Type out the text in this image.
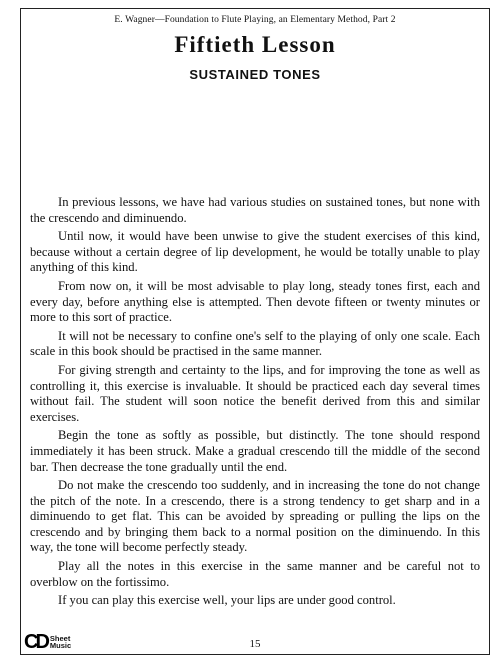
E. Wagner—Foundation to Flute Playing, an Elementary Method, Part 2
Fiftieth Lesson
SUSTAINED TONES

In previous lessons, we have had various studies on sustained tones, but none with the crescendo and diminuendo.

Until now, it would have been unwise to give the student exercises of this kind, because without a certain degree of lip development, he would be totally unable to play anything of this kind.

From now on, it will be most advisable to play long, steady tones first, each and every day, before anything else is attempted. Then devote fifteen or twenty minutes or more to this sort of practice.

It will not be necessary to confine one's self to the playing of only one scale. Each scale in this book should be practised in the same manner.

For giving strength and certainty to the lips, and for improving the tone as well as controlling it, this exercise is invaluable. It should be practiced each day several times without fail. The student will soon notice the benefit derived from this and similar exercises.

Begin the tone as softly as possible, but distinctly. The tone should respond immediately it has been struck. Make a gradual crescendo till the middle of the second bar. Then decrease the tone gradually until the end.

Do not make the crescendo too suddenly, and in increasing the tone do not change the pitch of the note. In a crescendo, there is a strong tendency to get sharp and in a diminuendo to get flat. This can be avoided by spreading or pulling the lips on the crescendo and by bringing them back to a normal position on the diminuendo. In this way, the tone will become perfectly steady.

Play all the notes in this exercise in the same manner and be careful not to overblow on the fortissimo.

If you can play this exercise well, your lips are under good control.

CD Sheet
Music	15
